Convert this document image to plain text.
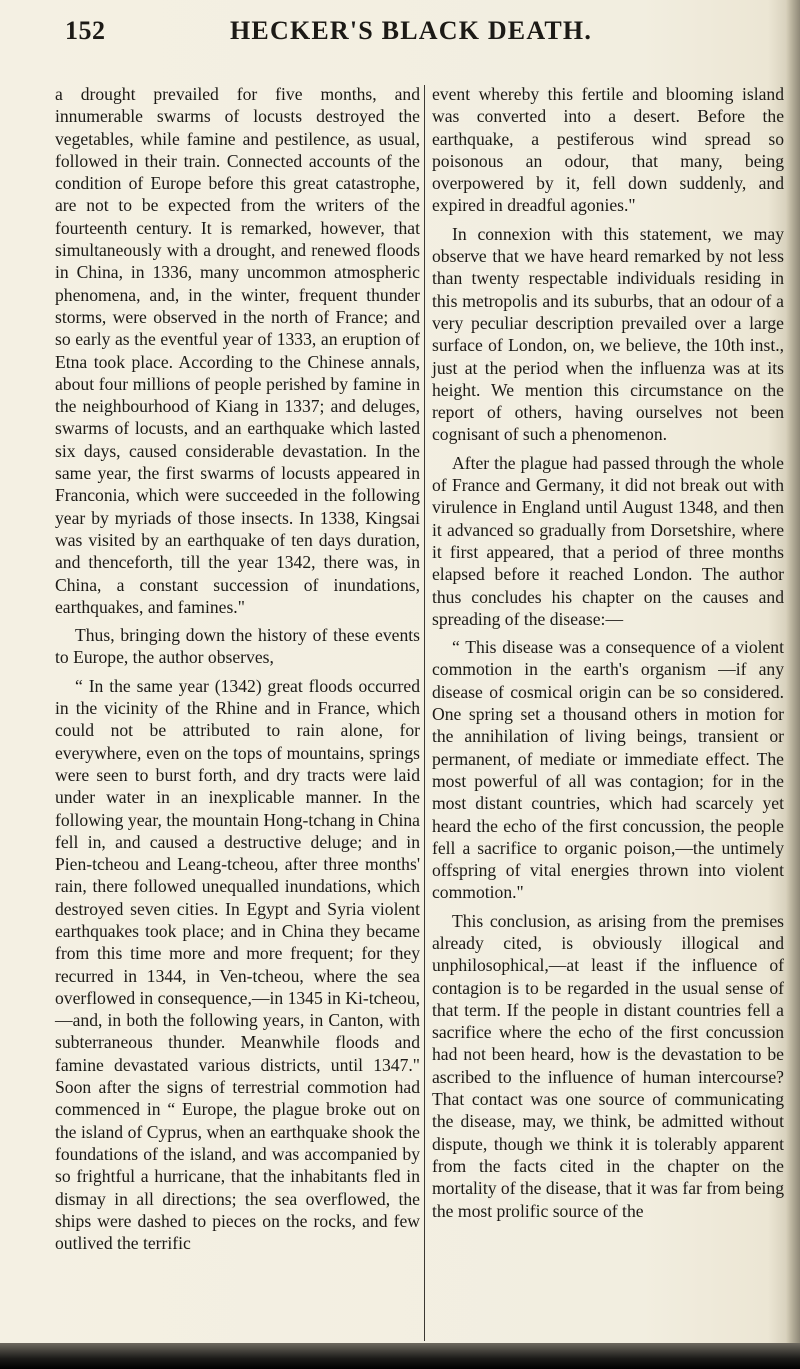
152	HECKER'S BLACK DEATH.

a drought prevailed for five months, and innumerable swarms of locusts destroyed the vegetables, while famine and pestilence, as usual, followed in their train. Connected accounts of the condition of Europe before this great catastrophe, are not to be expected from the writers of the fourteenth century. It is remarked, however, that simultaneously with a drought, and renewed floods in China, in 1336, many uncommon atmospheric phenomena, and, in the winter, frequent thunder storms, were observed in the north of France; and so early as the eventful year of 1333, an eruption of Etna took place. According to the Chinese annals, about four millions of people perished by famine in the neighbourhood of Kiang in 1337; and deluges, swarms of locusts, and an earthquake which lasted six days, caused considerable devastation. In the same year, the first swarms of locusts appeared in Franconia, which were succeeded in the following year by myriads of those insects. In 1338, Kingsai was visited by an earthquake of ten days duration, and thenceforth, till the year 1342, there was, in China, a constant succession of inundations, earthquakes, and famines."

Thus, bringing down the history of these events to Europe, the author observes,

“ In the same year (1342) great floods occurred in the vicinity of the Rhine and in France, which could not be attributed to rain alone, for everywhere, even on the tops of mountains, springs were seen to burst forth, and dry tracts were laid under water in an inexplicable manner. In the following year, the mountain Hong-tchang in China fell in, and caused a destructive deluge; and in Pien-tcheou and Leang-tcheou, after three months' rain, there followed unequalled inundations, which destroyed seven cities. In Egypt and Syria violent earthquakes took place; and in China they became from this time more and more frequent; for they recurred in 1344, in Ven-tcheou, where the sea overflowed in consequence,—in 1345 in Ki-tcheou,—and, in both the following years, in Canton, with subterraneous thunder. Meanwhile floods and famine devastated various districts, until 1347." Soon after the signs of terrestrial commotion had commenced in “ Europe, the plague broke out on the island of Cyprus, when an earthquake shook the foundations of the island, and was accompanied by so frightful a hurricane, that the inhabitants fled in dismay in all directions; the sea overflowed, the ships were dashed to pieces on the rocks, and few outlived the terrific

event whereby this fertile and blooming island was converted into a desert. Before the earthquake, a pestiferous wind spread so poisonous an odour, that many, being overpowered by it, fell down suddenly, and expired in dreadful agonies."

In connexion with this statement, we may observe that we have heard remarked by not less than twenty respectable individuals residing in this metropolis and its suburbs, that an odour of a very peculiar description prevailed over a large surface of London, on, we believe, the 10th inst., just at the period when the influenza was at its height. We mention this circumstance on the report of others, having ourselves not been cognisant of such a phenomenon.

After the plague had passed through the whole of France and Germany, it did not break out with virulence in England until August 1348, and then it advanced so gradually from Dorsetshire, where it first appeared, that a period of three months elapsed before it reached London. The author thus concludes his chapter on the causes and spreading of the disease:—

“ This disease was a consequence of a violent commotion in the earth's organism —if any disease of cosmical origin can be so considered. One spring set a thousand others in motion for the annihilation of living beings, transient or permanent, of mediate or immediate effect. The most powerful of all was contagion; for in the most distant countries, which had scarcely yet heard the echo of the first concussion, the people fell a sacrifice to organic poison,—the untimely offspring of vital energies thrown into violent commotion."

This conclusion, as arising from the premises already cited, is obviously illogical and unphilosophical,—at least if the influence of contagion is to be regarded in the usual sense of that term. If the people in distant countries fell a sacrifice where the echo of the first concussion had not been heard, how is the devastation to be ascribed to the influence of human intercourse? That contact was one source of communicating the disease, may, we think, be admitted without dispute, though we think it is tolerably apparent from the facts cited in the chapter on the mortality of the disease, that it was far from being the most prolific source of the
